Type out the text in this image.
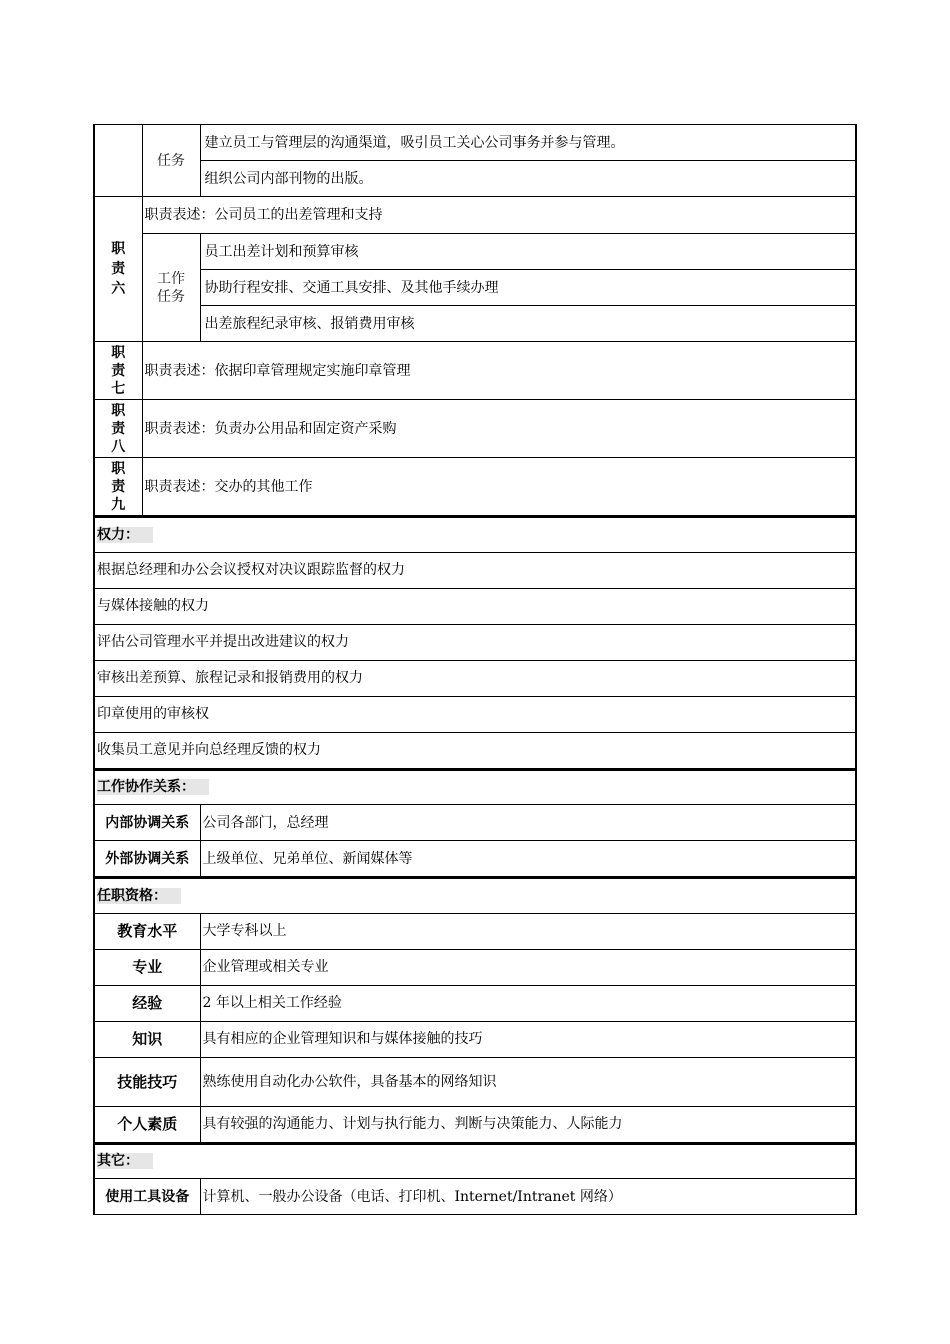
	任务	建立员工与管理层的沟通渠道，吸引员工关心公司事务并参与管理。
		组织公司内部刊物的出版。

职责六	职责表述：公司员工的出差管理和支持	

	工作任务	员工出差计划和预算审核
		协助行程安排、交通工具安排、及其他手续办理
		出差旅程纪录审核、报销费用审核

职责七	职责表述：依据印章管理规定实施印章管理	

职责八	职责表述：负责办公用品和固定资产采购	

职责九	职责表述：交办的其他工作	
权力：
根据总经理和办公会议授权对决议跟踪监督的权力
与媒体接触的权力
评估公司管理水平并提出改进建议的权力
审核出差预算、旅程记录和报销费用的权力
印章使用的审核权
收集员工意见并向总经理反馈的权力
工作协作关系：	
内部协调关系	公司各部门，总经理
外部协调关系	上级单位、兄弟单位、新闻媒体等
任职资格：	
教育水平	大学专科以上
专业	企业管理或相关专业
经验	2 年以上相关工作经验
知识	具有相应的企业管理知识和与媒体接触的技巧
技能技巧	熟练使用自动化办公软件，具备基本的网络知识
个人素质	具有较强的沟通能力、计划与执行能力、判断与决策能力、人际能力
其它：
使用工具设备	计算机、一般办公设备（电话、打印机、Internet/Intranet 网络）
